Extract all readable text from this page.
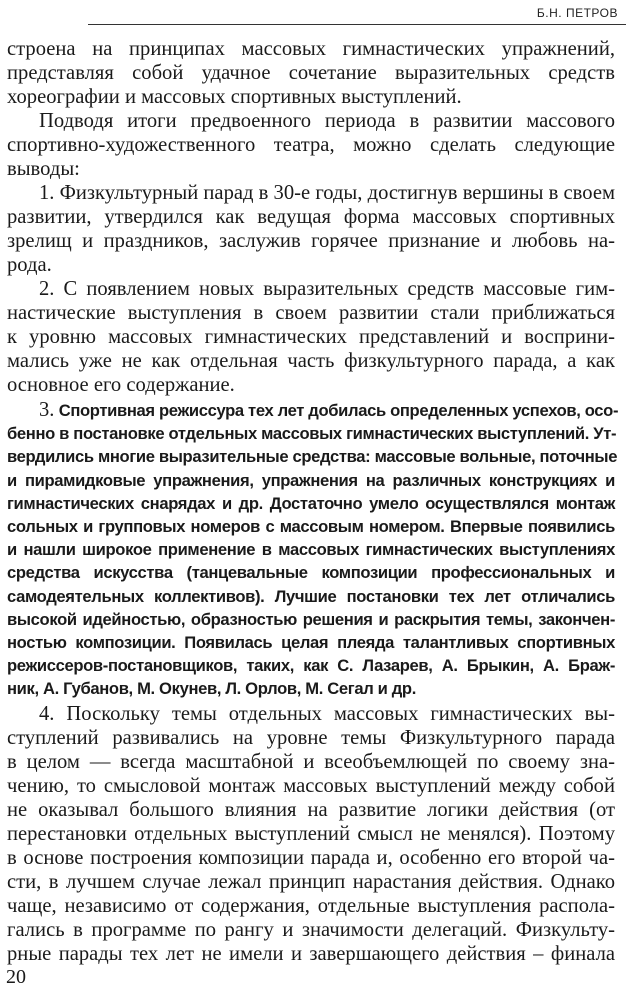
Б.Н. ПЕТРОВ
строена на принципах массовых гимнастических упражнений,
представляя собой удачное сочетание выразительных средств
хореографии и массовых спортивных выступлений.
Подводя итоги предвоенного периода в развитии массового
спортивно-художественного театра, можно сделать следующие
выводы:
1. Физкультурный парад в 30-е годы, достигнув вершины в своем
развитии, утвердился как ведущая форма массовых спортивных
зрелищ и праздников, заслужив горячее признание и любовь на-
рода.
2. С появлением новых выразительных средств массовые гим-
настические выступления в своем развитии стали приближаться
к уровню массовых гимнастических представлений и восприни-
мались уже не как отдельная часть физкультурного парада, а как
основное его содержание.
3. Спортивная режиссура тех лет добилась определенных успехов, осо-
бенно в постановке отдельных массовых гимнастических выступлений. Ут-
вердились многие выразительные средства: массовые вольные, поточные
и пирамидковые упражнения, упражнения на различных конструкциях и
гимнастических снарядах и др. Достаточно умело осуществлялся монтаж
сольных и групповых номеров с массовым номером. Впервые появились
и нашли широкое применение в массовых гимнастических выступлениях
средства искусства (танцевальные композиции профессиональных и
самодеятельных коллективов). Лучшие постановки тех лет отличались
высокой идейностью, образностью решения и раскрытия темы, закончен-
ностью композиции. Появилась целая плеяда талантливых спортивных
режиссеров-постановщиков, таких, как С. Лазарев, А. Брыкин, А. Браж-
ник, А. Губанов, М. Окунев, Л. Орлов, М. Сегал и др.
4. Поскольку темы отдельных массовых гимнастических вы-
ступлений развивались на уровне темы Физкультурного парада
в целом — всегда масштабной и всеобъемлющей по своему зна-
чению, то смысловой монтаж массовых выступлений между собой
не оказывал большого влияния на развитие логики действия (от
перестановки отдельных выступлений смысл не менялся). Поэтому
в основе построения композиции парада и, особенно его второй ча-
сти, в лучшем случае лежал принцип нарастания действия. Однако
чаще, независимо от содержания, отдельные выступления распола-
гались в программе по рангу и значимости делегаций. Физкульту-
рные парады тех лет не имели и завершающего действия – финала
20
